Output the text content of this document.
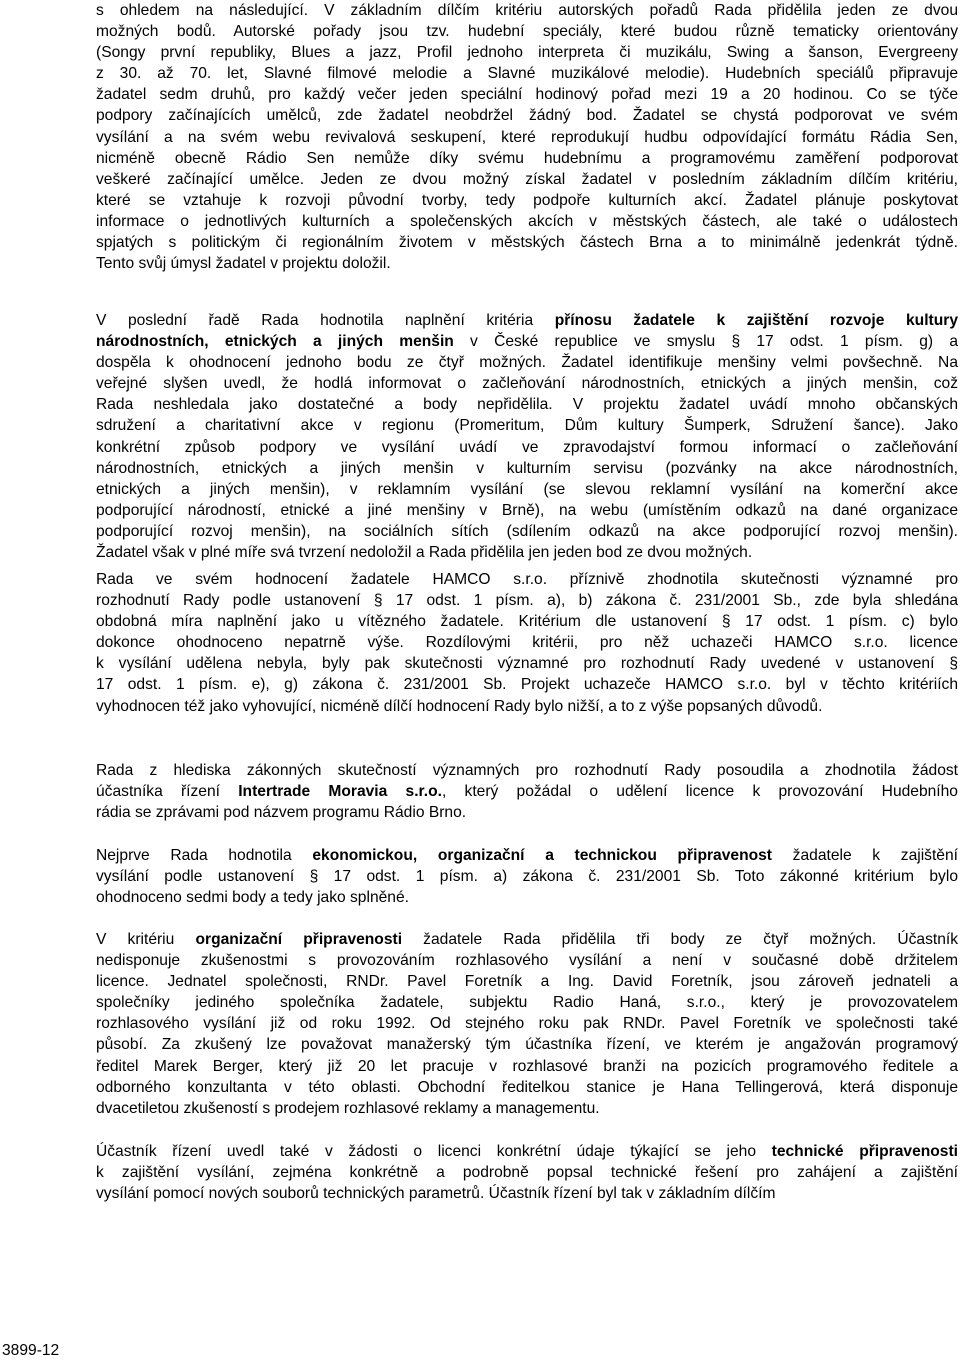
s ohledem na následující. V základním dílčím kritériu autorských pořadů Rada přidělila jeden ze dvou
možných bodů. Autorské pořady jsou tzv. hudební speciály, které budou různě tematicky orientovány
(Songy první republiky, Blues a jazz, Profil jednoho interpreta či muzikálu, Swing a šanson, Evergreeny
z 30. až 70. let, Slavné filmové melodie a Slavné muzikálové melodie). Hudebních speciálů připravuje
žadatel sedm druhů, pro každý večer jeden speciální hodinový pořad mezi 19 a 20 hodinou. Co se týče
podpory začínajících umělců, zde žadatel neobdržel žádný bod. Žadatel se chystá podporovat ve svém
vysílání a na svém webu revivalová seskupení, které reprodukují hudbu odpovídající formátu Rádia Sen,
nicméně obecně Rádio Sen nemůže díky svému hudebnímu a programovému zaměření podporovat
veškeré začínající umělce. Jeden ze dvou možný získal žadatel v posledním základním dílčím kritériu,
které se vztahuje k rozvoji původní tvorby, tedy podpoře kulturních akcí. Žadatel plánuje poskytovat
informace o jednotlivých kulturních a společenských akcích v městských částech, ale také o událostech
spjatých s politickým či regionálním životem v městských částech Brna a to minimálně jedenkrát týdně.
Tento svůj úmysl žadatel v projektu doložil.
V poslední řadě Rada hodnotila naplnění kritéria přínosu žadatele k zajištění rozvoje kultury
národnostních, etnických a jiných menšin v České republice ve smyslu § 17 odst. 1 písm. g) a
dospěla k ohodnocení jednoho bodu ze čtyř možných. Žadatel identifikuje menšiny velmi povšechně. Na
veřejné slyšen uvedl, že hodlá informovat o začleňování národnostních, etnických a jiných menšin, což
Rada neshledala jako dostatečné a body nepřidělila. V projektu žadatel uvádí mnoho občanských
sdružení a charitativní akce v regionu (Promeritum, Dům kultury Šumperk, Sdružení šance). Jako
konkrétní způsob podpory ve vysílání uvádí ve zpravodajství formou informací o začleňování
národnostních, etnických a jiných menšin v kulturním servisu (pozvánky na akce národnostních,
etnických a jiných menšin), v reklamním vysílání (se slevou reklamní vysílání na komerční akce
podporující národností, etnické a jiné menšiny v Brně), na webu (umístěním odkazů na dané organizace
podporující rozvoj menšin), na sociálních sítích (sdílením odkazů na akce podporující rozvoj menšin).
Žadatel však v plné míře svá tvrzení nedoložil a Rada přidělila jen jeden bod ze dvou možných.
Rada ve svém hodnocení žadatele HAMCO s.r.o. příznivě zhodnotila skutečnosti významné pro
rozhodnutí Rady podle ustanovení § 17 odst. 1 písm. a), b) zákona č. 231/2001 Sb., zde byla shledána
obdobná míra naplnění jako u vítězného žadatele. Kritérium dle ustanovení § 17 odst. 1 písm. c) bylo
dokonce ohodnoceno nepatrně výše. Rozdílovými kritérii, pro něž uchazeči HAMCO s.r.o. licence
k vysílání udělena nebyla, byly pak skutečnosti významné pro rozhodnutí Rady uvedené v ustanovení §
17 odst. 1 písm. e), g) zákona č. 231/2001 Sb. Projekt uchazeče HAMCO s.r.o. byl v těchto kritériích
vyhodnocen též jako vyhovující, nicméně dílčí hodnocení Rady bylo nižší, a to z výše popsaných důvodů.
Rada z hlediska zákonných skutečností významných pro rozhodnutí Rady posoudila a zhodnotila žádost
účastníka řízení Intertrade Moravia s.r.o., který požádal o udělení licence k provozování Hudebního
rádia se zprávami pod názvem programu Rádio Brno.
Nejprve Rada hodnotila ekonomickou, organizační a technickou připravenost žadatele k zajištění
vysílání podle ustanovení § 17 odst. 1 písm. a) zákona č. 231/2001 Sb. Toto zákonné kritérium bylo
ohodnoceno sedmi body a tedy jako splněné.
V kritériu organizační připravenosti žadatele Rada přidělila tři body ze čtyř možných. Účastník
nedisponuje zkušenostmi s provozováním rozhlasového vysílání a není v současné době držitelem
licence. Jednatel společnosti, RNDr. Pavel Foretník a Ing. David Foretník, jsou zároveň jednateli a
společníky jediného společníka žadatele, subjektu Radio Haná, s.r.o., který je provozovatelem
rozhlasového vysílání již od roku 1992. Od stejného roku pak RNDr. Pavel Foretník ve společnosti také
působí. Za zkušený lze považovat manažerský tým účastníka řízení, ve kterém je angažován programový
ředitel Marek Berger, který již 20 let pracuje v rozhlasové branži na pozicích programového ředitele a
odborného konzultanta v této oblasti. Obchodní ředitelkou stanice je Hana Tellingerová, která disponuje
dvacetiletou zkušeností s prodejem rozhlasové reklamy a managementu.
Účastník řízení uvedl také v žádosti o licenci konkrétní údaje týkající se jeho technické připravenosti
k zajištění vysílání, zejména konkrétně a podrobně popsal technické řešení pro zahájení a zajištění
vysílání pomocí nových souborů technických parametrů. Účastník řízení byl tak v základním dílčím
3899-12
